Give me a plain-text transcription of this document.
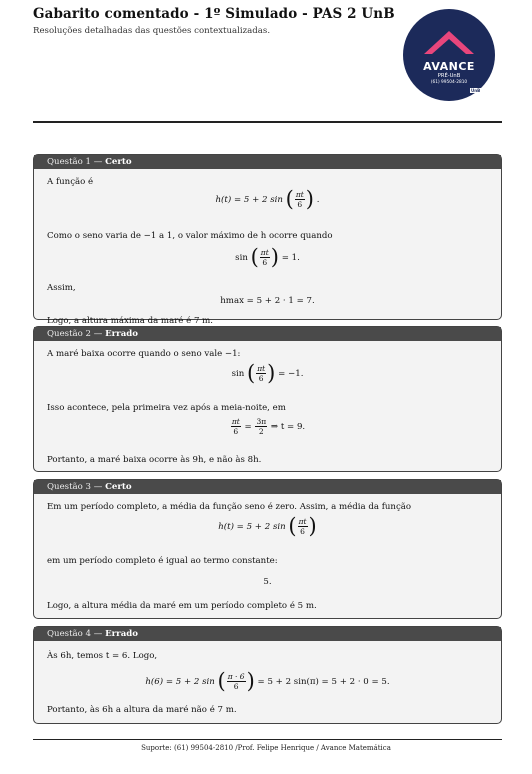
Gabarito comentado - 1º Simulado - PAS 2 UnB
Resoluções detalhadas das questões contextualizadas.
AVANCE
PRÉ-UnB
(61) 99504-2810
UnB
Questão 1 — Certo
A função é
h(t) = 5 + 2 sin ( $\frac{\pi t}{6}$ ) .
Como o seno varia de −1 a 1, o valor máximo de h ocorre quando
sin ( $\frac{\pi t}{6}$ ) = 1.
Assim,
hmax = 5 + 2 · 1 = 7.
Logo, a altura máxima da maré é 7 m.
Questão 2 — Errado
A maré baixa ocorre quando o seno vale −1:
sin ( $\frac{\pi t}{6}$ ) = −1.
Isso acontece, pela primeira vez após a meia-noite, em
$\frac{\pi t}{6} = \frac{3\pi}{2}$ ⇒ t = 9.
Portanto, a maré baixa ocorre às 9h, e não às 8h.
Questão 3 — Certo
Em um período completo, a média da função seno é zero. Assim, a média da função
h(t) = 5 + 2 sin ( $\frac{\pi t}{6}$ )
em um período completo é igual ao termo constante:
5.
Logo, a altura média da maré em um período completo é 5 m.
Questão 4 — Errado
Às 6h, temos t = 6. Logo,
h(6) = 5 + 2 sin ( $\frac{\pi \cdot 6}{6}$ ) = 5 + 2 sin(π) = 5 + 2 · 0 = 5.
Portanto, às 6h a altura da maré não é 7 m.
Suporte: (61) 99504-2810 /Prof. Felipe Henrique / Avance Matemática
